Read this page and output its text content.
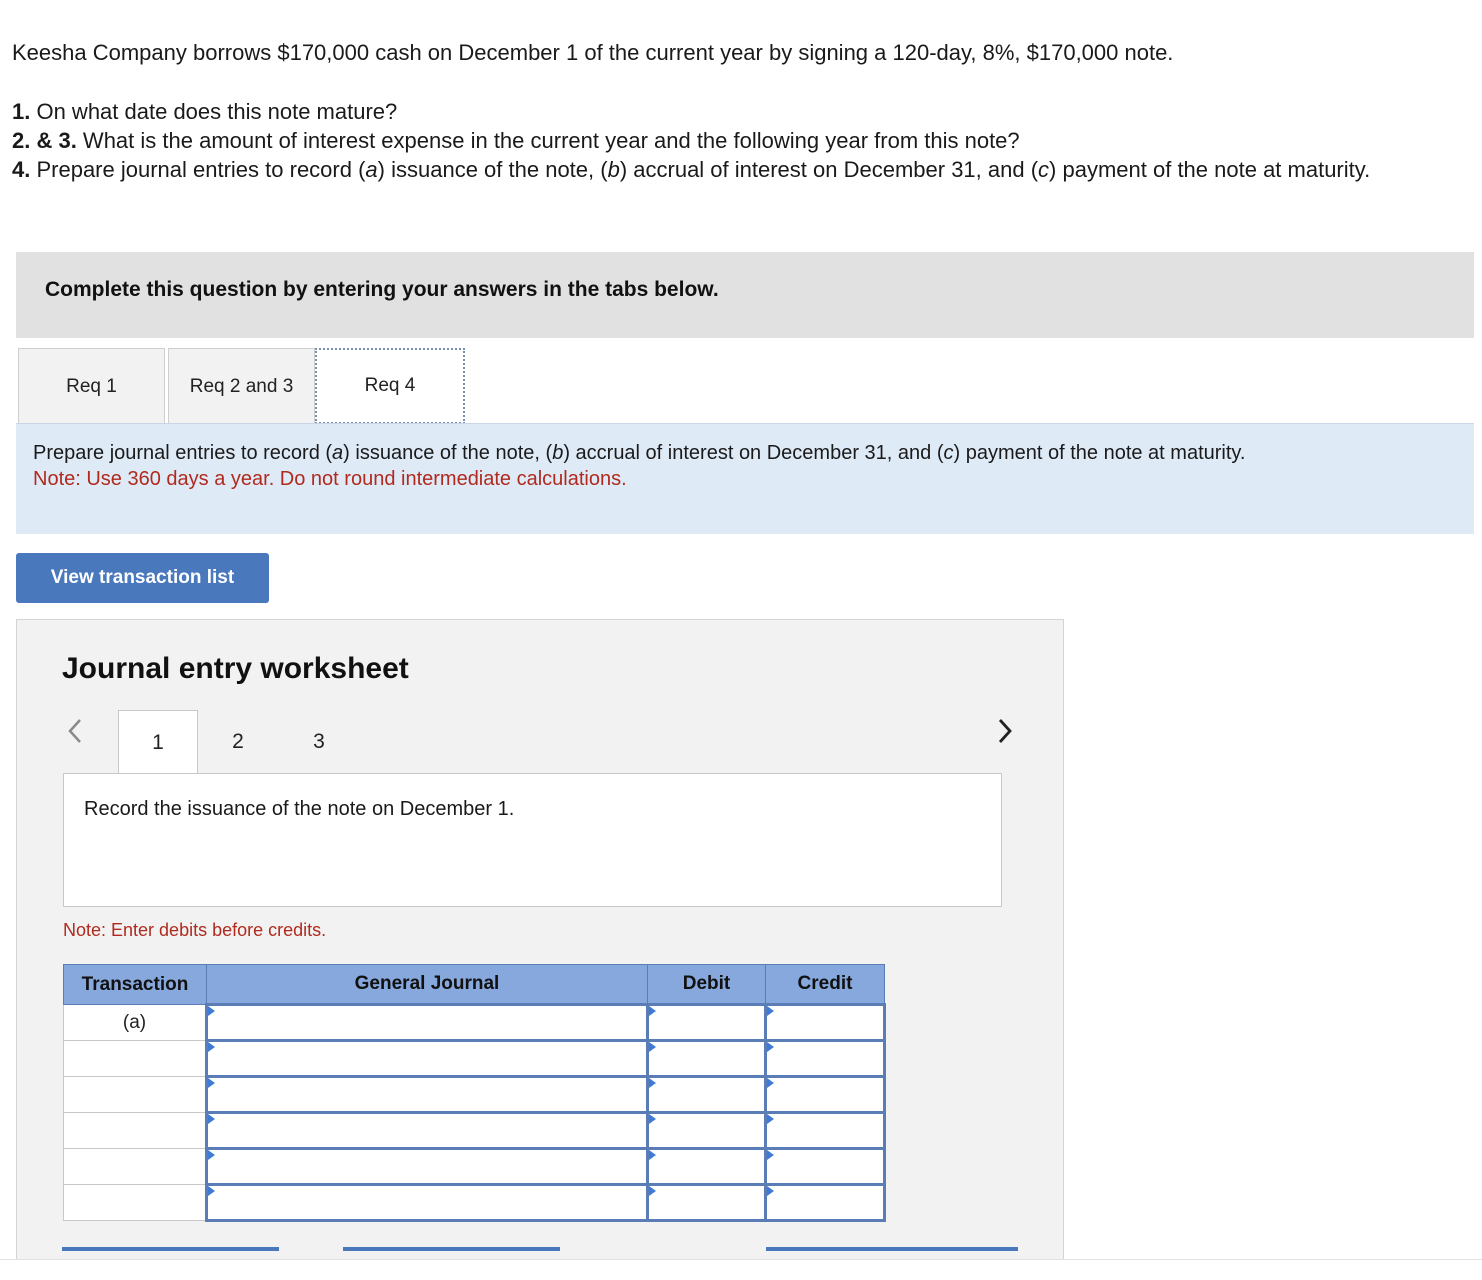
Keesha Company borrows $170,000 cash on December 1 of the current year by signing a 120-day, 8%, $170,000 note.

1. On what date does this note mature?

2. & 3. What is the amount of interest expense in the current year and the following year from this note?

4. Prepare journal entries to record (a) issuance of the note, (b) accrual of interest on December 31, and (c) payment of the note at maturity.

Complete this question by entering your answers in the tabs below.
Req 1	Req 2 and 3	Req 4
Prepare journal entries to record (a) issuance of the note, (b) accrual of interest on December 31, and (c) payment of the note at maturity.
Note: Use 360 days a year. Do not round intermediate calculations.
View transaction list
Journal entry worksheet
1	2	3
Record the issuance of the note on December 1.
Note: Enter debits before credits.
Transaction	General Journal	Debit	Credit
(a)	
